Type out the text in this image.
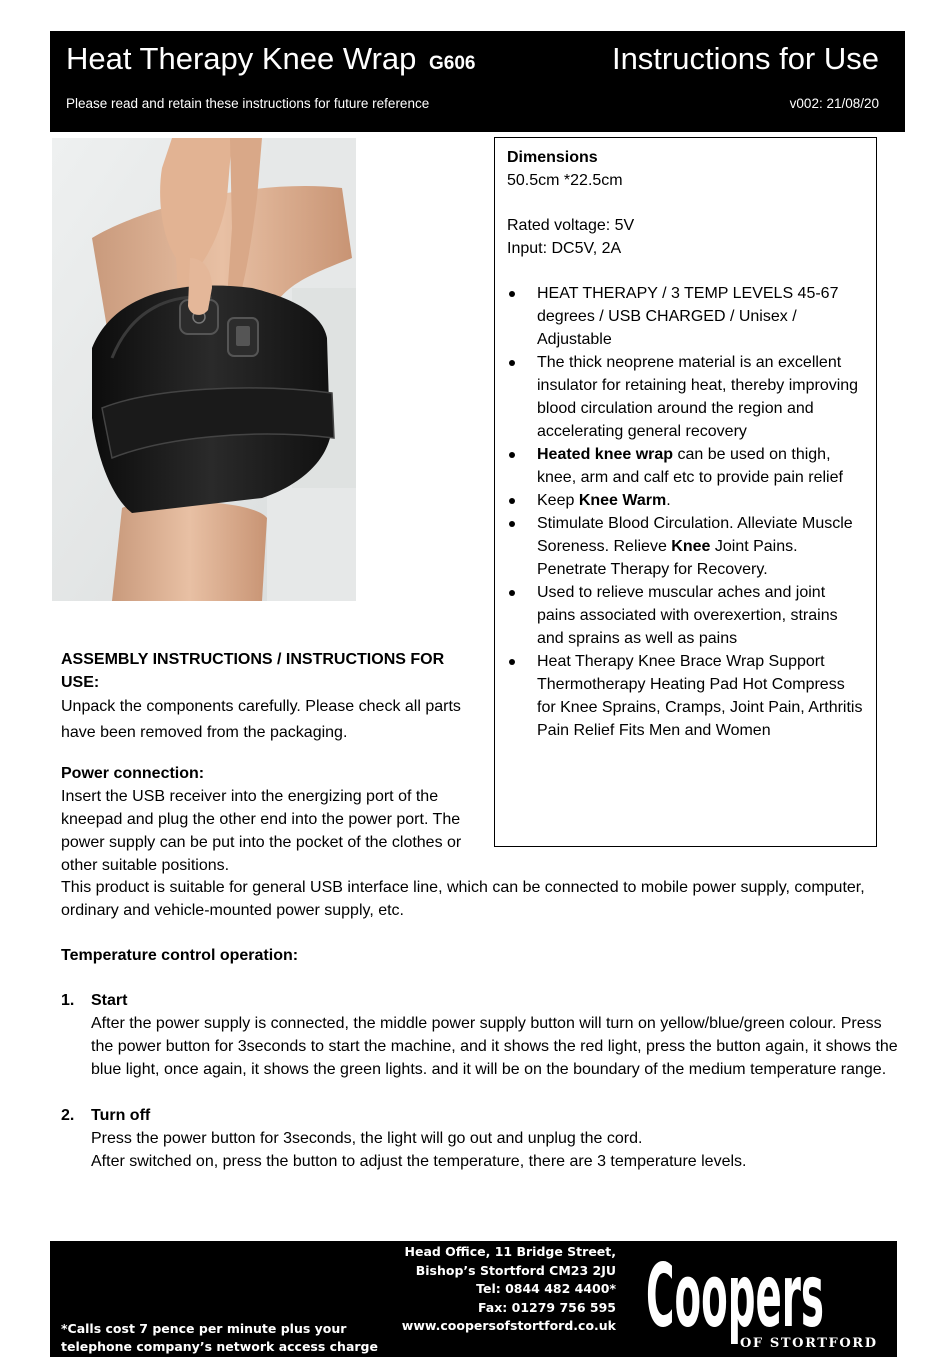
Heat Therapy Knee Wrap G606	Instructions for Use
Please read and retain these instructions for future reference	v002: 21/08/20

Dimensions

50.5cm *22.5cm

Rated voltage: 5V

Input: DC5V, 2A

HEAT THERAPY / 3 TEMP LEVELS 45-67 degrees / USB CHARGED / Unisex / Adjustable
The thick neoprene material is an excellent insulator for retaining heat, thereby improving blood circulation around the region and accelerating general recovery
Heated knee wrap can be used on thigh, knee, arm and calf etc to provide pain relief
Keep Knee Warm.
Stimulate Blood Circulation. Alleviate Muscle Soreness. Relieve Knee Joint Pains. Penetrate Therapy for Recovery.
Used to relieve muscular aches and joint pains associated with overexertion, strains and sprains as well as pains
Heat Therapy Knee Brace Wrap Support Thermotherapy Heating Pad Hot Compress for Knee Sprains, Cramps, Joint Pain, Arthritis Pain Relief Fits Men and Women

ASSEMBLY INSTRUCTIONS / INSTRUCTIONS FOR USE:

Unpack the components carefully. Please check all parts have been removed from the packaging.

Power connection:

Insert the USB receiver into the energizing port of the kneepad and plug the other end into the power port. The power supply can be put into the pocket of the clothes or other suitable positions.

This product is suitable for general USB interface line, which can be connected to mobile power supply, computer, ordinary and vehicle-mounted power supply, etc.

Temperature control operation:

1. Start

After the power supply is connected, the middle power supply button will turn on yellow/blue/green colour. Press the power button for 3seconds to start the machine, and it shows the red light, press the button again, it shows the blue light, once again, it shows the green lights. and it will be on the boundary of the medium temperature range.

2. Turn off

Press the power button for 3seconds, the light will go out and unplug the cord.

After switched on, press the button to adjust the temperature, there are 3 temperature levels.

*Calls cost 7 pence per minute plus your
telephone company’s network access charge
Head Office, 11 Bridge Street,
Bishop’s Stortford CM23 2JU
Tel: 0844 482 4400*
Fax: 01279 756 595
www.coopersofstortford.co.uk Coopers
OF STORTFORD
